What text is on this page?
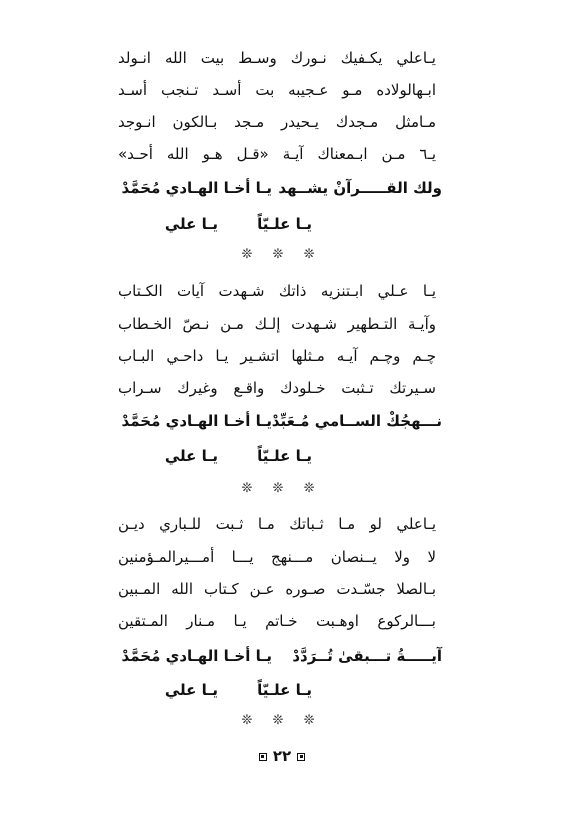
يـاعلي يكـفيك نـورك وسـط بيت الله انـولد
ابـهالولاده مـو عـجيبه بت أسـد تـنجب أسـد
مـامثل مـجدك يـحيدر مـجد بـالكون انـوجد
يـ٦ مـن ابـمعناك آيـة «قـل هـو الله أحـد»
ولك القـــــرآنْ يشــهد
يـا أخـا الهـادي مُحَمَّدْ
يـا علـيّاً
يـا علي
❊ ❊ ❊
يـا عـلي ابـتنزيه ذاتك شـهدت آيات الكـتاب
وآيـة التـطهير شـهدت إلـك مـن نـصّ الخـطاب
چـم وچـم آيـه مـثلها اتشـير يـا داحـي البـاب
سـيرتك تـثبت خـلودك واقـع وغيرك سـراب
نـــهجُكْ الســامي مُـعَبِّدْ
يـا أخـا الهـادي مُحَمَّدْ
يـا علـيّاً
يـا علي
❊ ❊ ❊
يـاعلي لو مـا ثـباتك مـا ثـبت للـباري ديـن
لا ولا يــنصان مـــنهج يـــا أمـــيرالمـؤمنين
بـالصلا جسّـدت صـوره عـن كـتاب الله المـبين
بـــالركوع اوهـبت خـاتم يـا مـنار المـتقين
آيـــــةُ تـــبقىٰ تُــرَدَّدْ
يـا أخـا الهـادي مُحَمَّدْ
يـا علـيّاً
يـا علي
❊ ❊ ❊
٢٢
